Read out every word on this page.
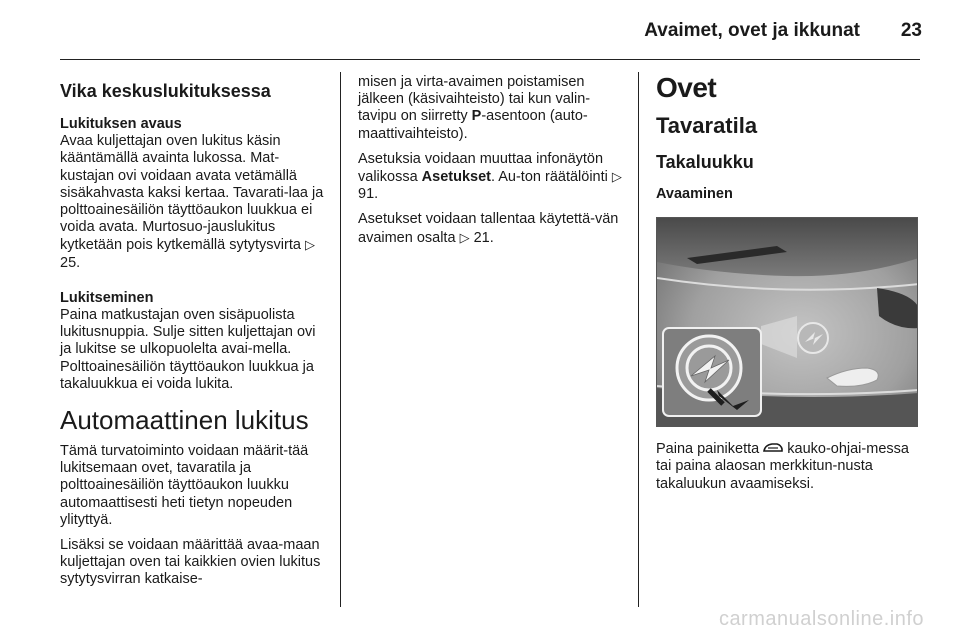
Avaimet, ovet ja ikkunat	23
Vika keskuslukituksessa
Lukituksen avaus

Avaa kuljettajan oven lukitus käsin kääntämällä avainta lukossa. Mat-kustajan ovi voidaan avata vetämällä sisäkahvasta kaksi kertaa. Tavarati-laa ja polttoainesäiliön täyttöaukon luukkua ei voida avata. Murtosuo-jauslukitus kytketään pois kytkemällä sytytysvirta ▷ 25.

Lukitseminen

Paina matkustajan oven sisäpuolista lukitusnuppia. Sulje sitten kuljettajan ovi ja lukitse se ulkopuolelta avai-mella. Polttoainesäiliön täyttöaukon luukkua ja takaluukkua ei voida lukita.

Automaattinen lukitus

Tämä turvatoiminto voidaan määrit-tää lukitsemaan ovet, tavaratila ja polttoainesäiliön täyttöaukon luukku automaattisesti heti tietyn nopeuden ylityttyä.

Lisäksi se voidaan määrittää avaa-maan kuljettajan oven tai kaikkien ovien lukitus sytytysvirran katkaise-

misen ja virta-avaimen poistamisen jälkeen (käsivaihteisto) tai kun valin-tavipu on siirretty P-asentoon (auto-maattivaihteisto).

Asetuksia voidaan muuttaa infonäytön valikossa Asetukset. Au-ton räätälöinti ▷ 91.

Asetukset voidaan tallentaa käytettä-vän avaimen osalta ▷ 21.

Ovet
Tavaratila
Takaluukku
Avaaminen

Paina painiketta kauko-ohjai-messa tai paina alaosan merkkitun-nusta takaluukun avaamiseksi.

carmanualsonline.info
